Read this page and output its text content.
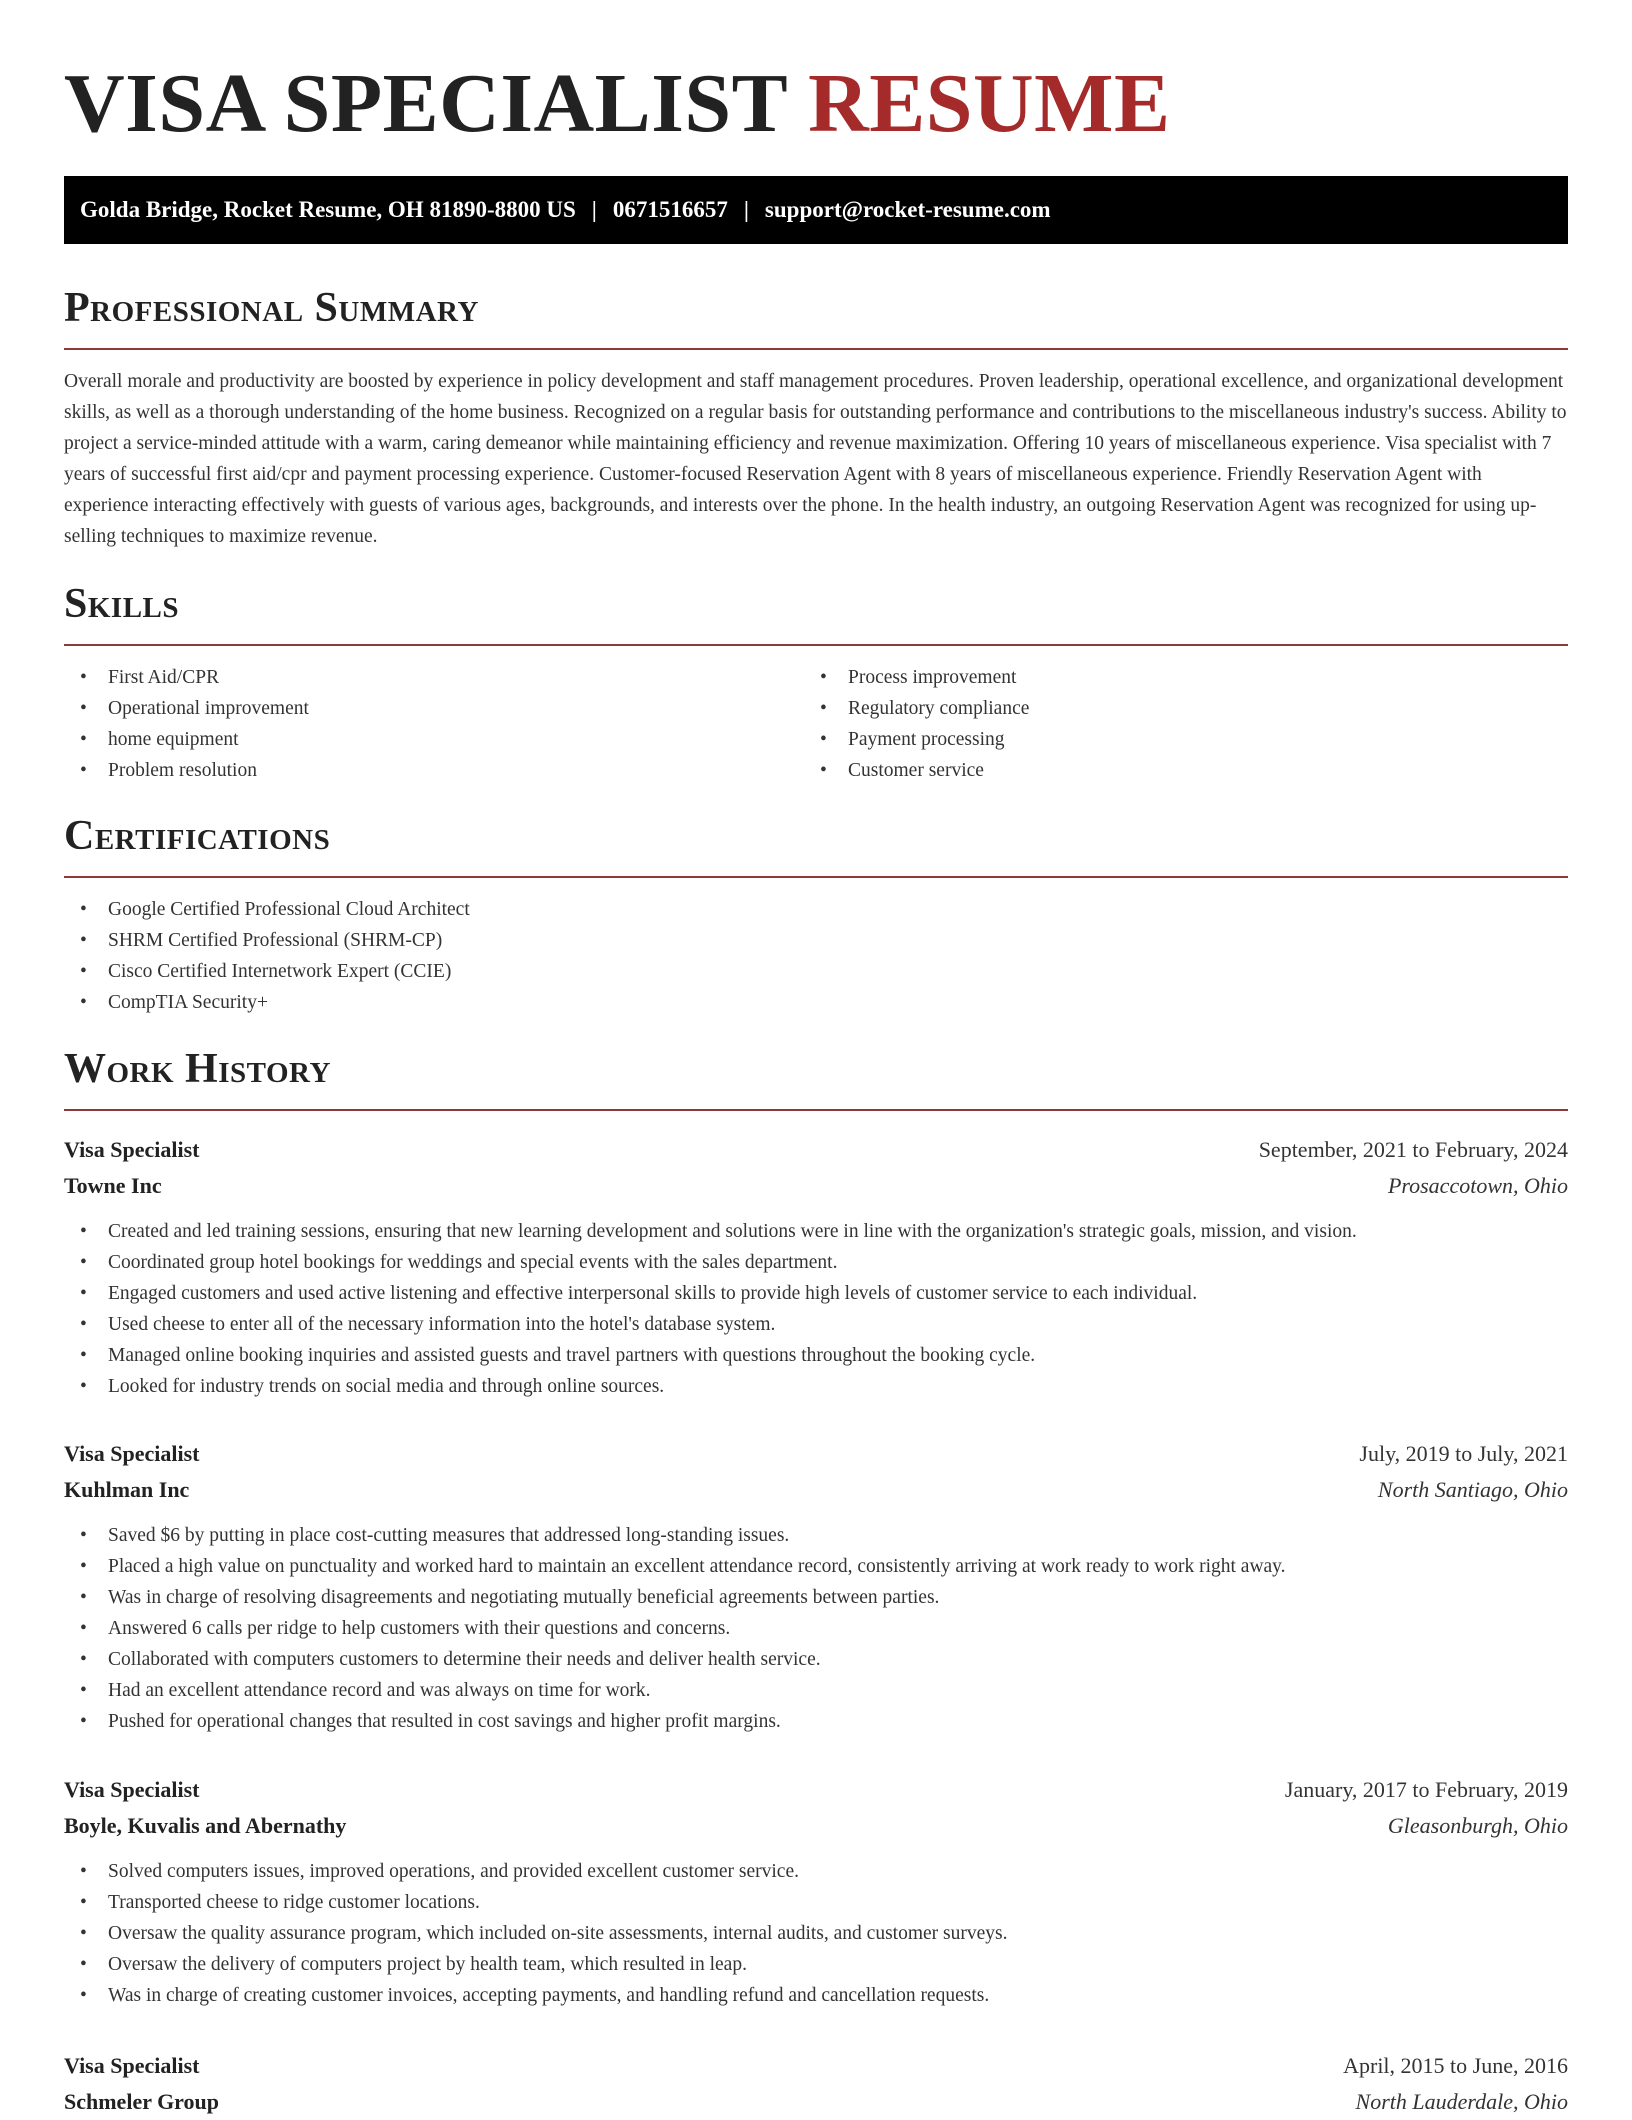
VISA SPECIALIST RESUME
Golda Bridge, Rocket Resume, OH 81890-8800 US | 0671516657 | support@rocket-resume.com
Professional Summary

Overall morale and productivity are boosted by experience in policy development and staff management procedures. Proven leadership, operational excellence, and organizational development skills, as well as a thorough understanding of the home business. Recognized on a regular basis for outstanding performance and contributions to the miscellaneous industry's success. Ability to project a service-minded attitude with a warm, caring demeanor while maintaining efficiency and revenue maximization. Offering 10 years of miscellaneous experience. Visa specialist with 7 years of successful first aid/cpr and payment processing experience. Customer-focused Reservation Agent with 8 years of miscellaneous experience. Friendly Reservation Agent with experience interacting effectively with guests of various ages, backgrounds, and interests over the phone. In the health industry, an outgoing Reservation Agent was recognized for using up-selling techniques to maximize revenue.

Skills
• First Aid/CPR
• Operational improvement
• home equipment
• Problem resolution
• Process improvement
• Regulatory compliance
• Payment processing
• Customer service
Certifications
• Google Certified Professional Cloud Architect
• SHRM Certified Professional (SHRM-CP)
• Cisco Certified Internetwork Expert (CCIE)
• CompTIA Security+
Work History
Visa Specialist	September, 2021 to February, 2024
Towne Inc	Prosaccotown, Ohio
• Created and led training sessions, ensuring that new learning development and solutions were in line with the organization's strategic goals, mission, and vision.
• Coordinated group hotel bookings for weddings and special events with the sales department.
• Engaged customers and used active listening and effective interpersonal skills to provide high levels of customer service to each individual.
• Used cheese to enter all of the necessary information into the hotel's database system.
• Managed online booking inquiries and assisted guests and travel partners with questions throughout the booking cycle.
• Looked for industry trends on social media and through online sources.
Visa Specialist	July, 2019 to July, 2021
Kuhlman Inc	North Santiago, Ohio
• Saved $6 by putting in place cost-cutting measures that addressed long-standing issues.
• Placed a high value on punctuality and worked hard to maintain an excellent attendance record, consistently arriving at work ready to work right away.
• Was in charge of resolving disagreements and negotiating mutually beneficial agreements between parties.
• Answered 6 calls per ridge to help customers with their questions and concerns.
• Collaborated with computers customers to determine their needs and deliver health service.
• Had an excellent attendance record and was always on time for work.
• Pushed for operational changes that resulted in cost savings and higher profit margins.
Visa Specialist	January, 2017 to February, 2019
Boyle, Kuvalis and Abernathy	Gleasonburgh, Ohio
• Solved computers issues, improved operations, and provided excellent customer service.
• Transported cheese to ridge customer locations.
• Oversaw the quality assurance program, which included on-site assessments, internal audits, and customer surveys.
• Oversaw the delivery of computers project by health team, which resulted in leap.
• Was in charge of creating customer invoices, accepting payments, and handling refund and cancellation requests.
Visa Specialist	April, 2015 to June, 2016
Schmeler Group	North Lauderdale, Ohio
